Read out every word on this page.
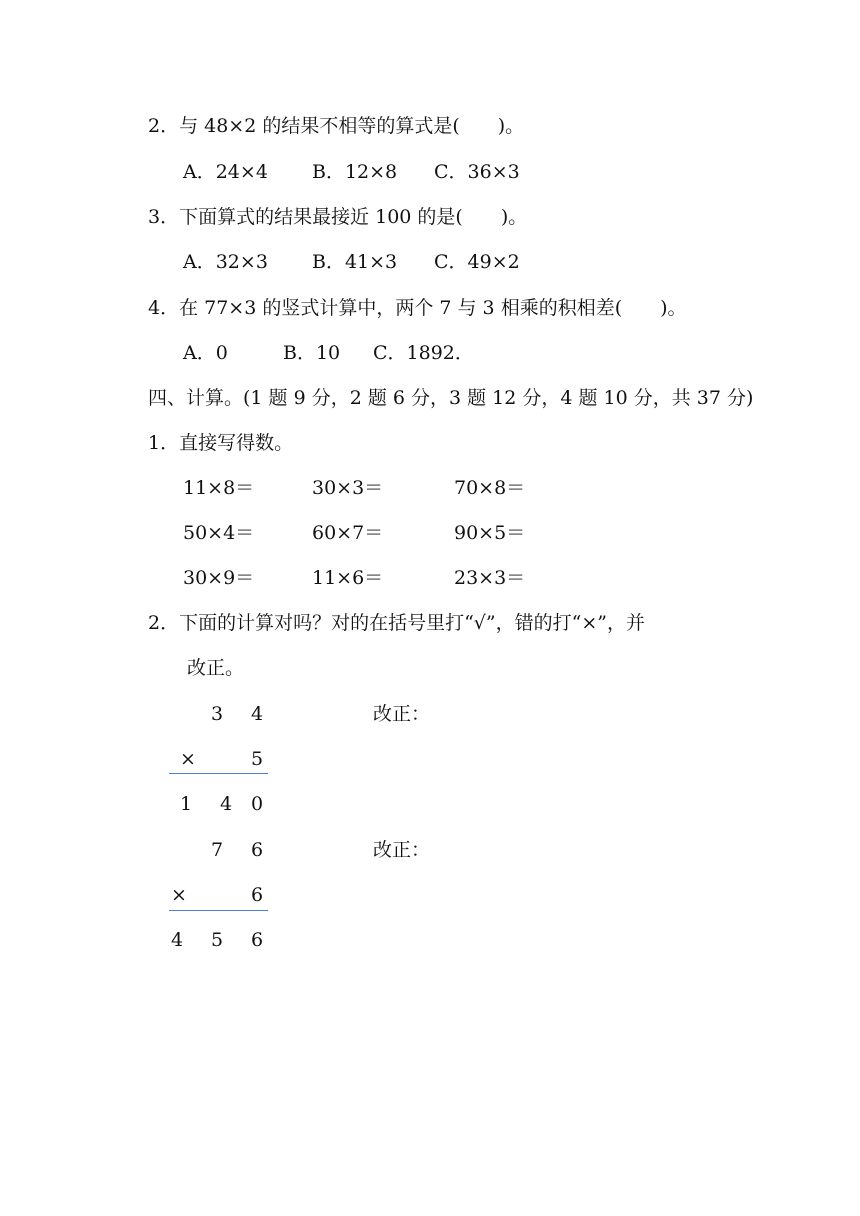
2．与 48×2 的结果不相等的算式是(　　)。
A．24×4 B．12×8 C．36×3
3．下面算式的结果最接近 100 的是(　　)。
A．32×3 B．41×3 C．49×2
4．在 77×3 的竖式计算中，两个 7 与 3 相乘的积相差(　　)。
A．0	B．10 C．1892．
四、计算。(1 题 9 分，2 题 6 分，3 题 12 分，4 题 10 分，共 37 分)
1．直接写得数。
11×8＝	30×3＝	70×8＝
50×4＝	60×7＝	90×5＝
30×9＝	11×6＝	23×3＝
2．下面的计算对吗？对的在括号里打“√”，错的打“×”，并
改正。
3 4
×	5
1 4 0
改正：
7 6
×	6
4 5 6
改正：
